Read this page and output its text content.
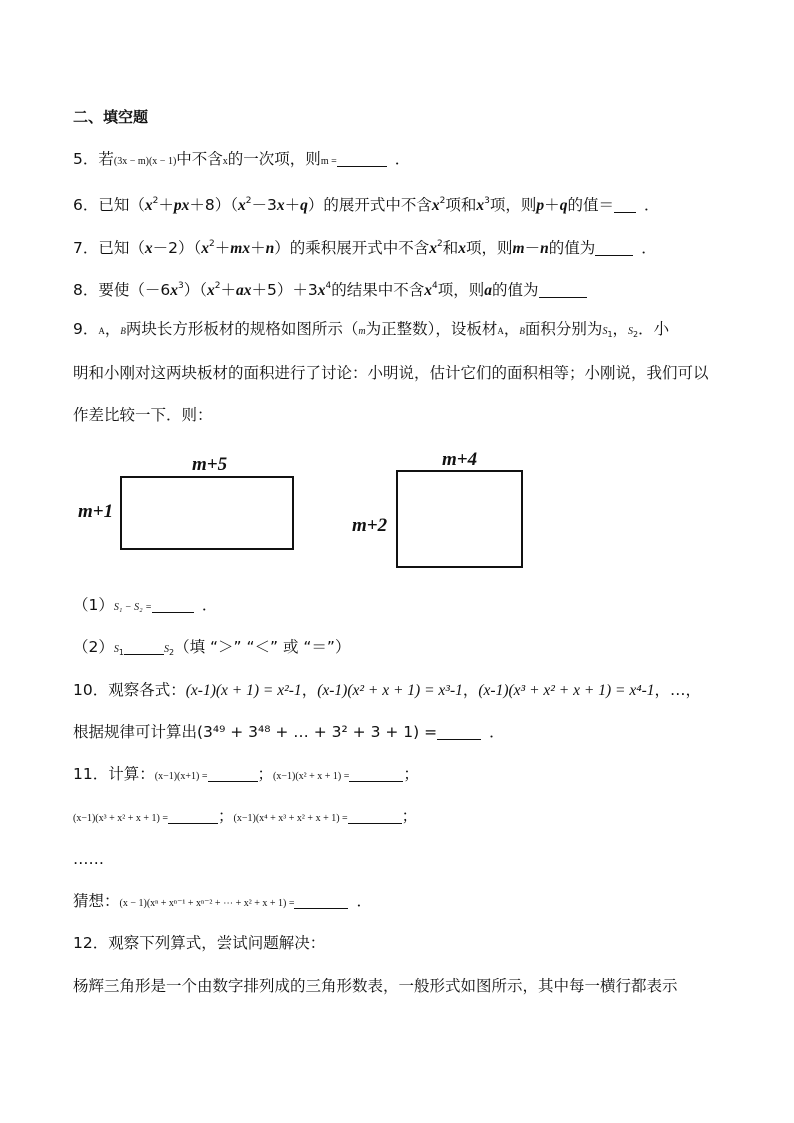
二、填空题
5．若(3x − m)(x − 1)中不含x的一次项，则m =	．
6．已知$(x^2+px+8)(x^2-3x+q)$的展开式中不含$x^2$项和$x^3$项，则p＋q的值＝ ．
7．已知$(x-2)(x^2+mx+n)$的乘积展开式中不含$x^2$和x项，则m－n的值为	．
8．要使$(-6x^3)(x^2+ax+5)+3x^4$的结果中不含$x^4$项，则a的值为
9．A，B两块长方形板材的规格如图所示（m为正整数），设板材A，B面积分别为$S_1$，$S_2$．小
明和小刚对这两块板材的面积进行了讨论：小明说，估计它们的面积相等；小刚说，我们可以
作差比较一下．则：
m+5
m+1
m+4
m+2
（1）S₁ − S₂ =	．
$(2)S_1$	$S_2$（填 “＞” “＜” 或 “＝”）
10．观察各式：(x-1)(x + 1) = x²-1，(x-1)(x² + x + 1) = x³-1，(x-1)(x³ + x² + x + 1) = x⁴-1，…，
根据规律可计算出(3⁴⁹ + 3⁴⁸ + … + 3² + 3 + 1) =	．
11．计算：(x−1)(x+1) =	；(x−1)(x² + x + 1) =	；
(x−1)(x³ + x² + x + 1) =	；(x−1)(x⁴ + x³ + x² + x + 1) =	；
……
猜想：(x − 1)(xⁿ + xⁿ⁻¹ + xⁿ⁻² + ⋯ + x² + x + 1) =	．
12．观察下列算式，尝试问题解决：
杨辉三角形是一个由数字排列成的三角形数表，一般形式如图所示，其中每一横行都表示
